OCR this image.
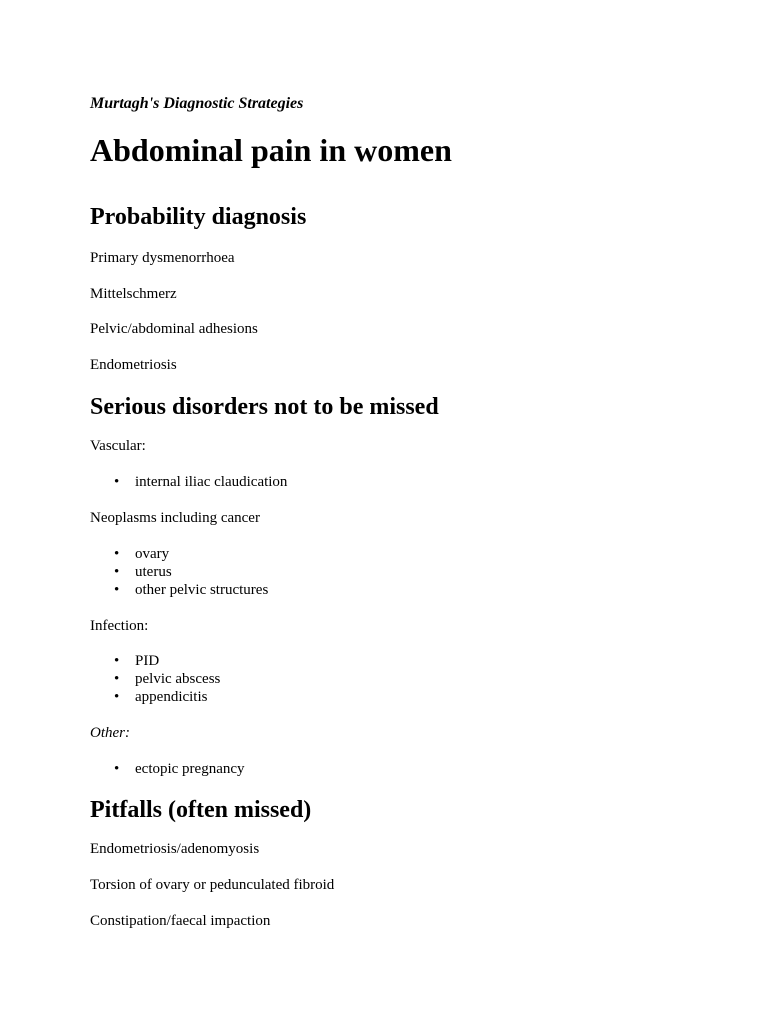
Murtagh's Diagnostic Strategies

Abdominal pain in women
Probability diagnosis

Primary dysmenorrhoea

Mittelschmerz

Pelvic/abdominal adhesions

Endometriosis

Serious disorders not to be missed

Vascular:

• internal iliac claudication

Neoplasms including cancer

• ovary
• uterus
• other pelvic structures

Infection:

• PID
• pelvic abscess
• appendicitis

Other:

• ectopic pregnancy
Pitfalls (often missed)

Endometriosis/adenomyosis

Torsion of ovary or pedunculated fibroid

Constipation/faecal impaction
